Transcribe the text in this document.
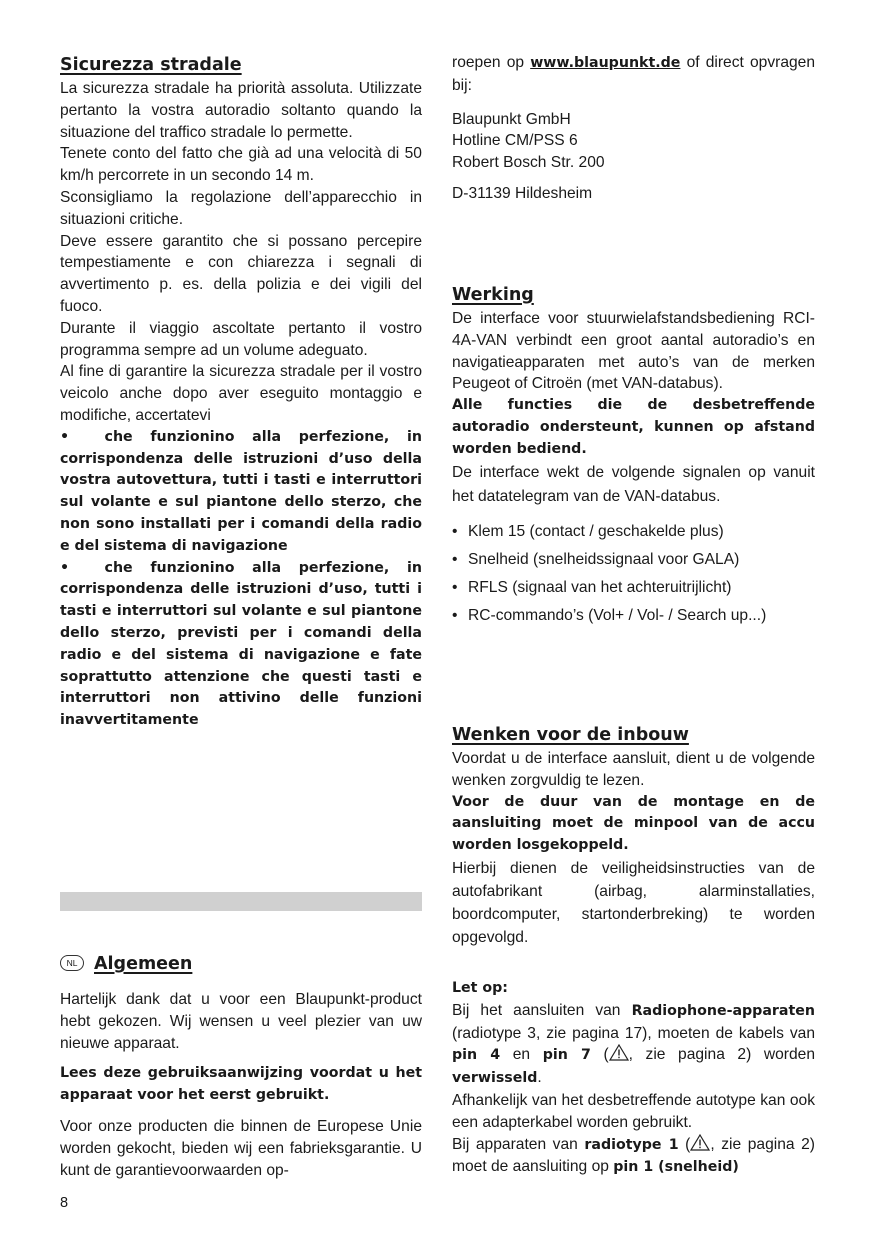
Sicurezza stradale

La sicurezza stradale ha priorità assoluta. Utilizzate pertanto la vostra autoradio soltanto quando la situazione del traffico stradale lo permette.

Tenete conto del fatto che già ad una velocità di 50 km/h percorrete in un secondo 14 m.

Sconsigliamo la regolazione dell’apparecchio in situazioni critiche.

Deve essere garantito che si possano percepire tempestiamente e con chiarezza i segnali di avvertimento p. es. della polizia e dei vigili del fuoco.

Durante il viaggio ascoltate pertanto il vostro programma sempre ad un volume adeguato.

Al fine di garantire la sicurezza stradale per il vostro veicolo anche dopo aver eseguito montaggio e modifiche, accertatevi

• che funzionino alla perfezione, in corrispondenza delle istruzioni d’uso della vostra autovettura, tutti i tasti e interruttori sul volante e sul piantone dello sterzo, che non sono installati per i comandi della radio e del sistema di navigazione

• che funzionino alla perfezione, in corrispondenza delle istruzioni d’uso, tutti i tasti e interruttori sul volante e sul piantone dello sterzo, previsti per i comandi della radio e del sistema di navigazione e fate soprattutto attenzione che questi tasti e interruttori non attivino delle funzioni inavvertitamente

NL Algemeen

Hartelijk dank dat u voor een Blaupunkt-product hebt gekozen. Wij wensen u veel plezier van uw nieuwe apparaat.

Lees deze gebruiksaanwijzing voordat u het apparaat voor het eerst gebruikt.

Voor onze producten die binnen de Europese Unie worden gekocht, bieden wij een fabrieksgarantie. U kunt de garantievoorwaarden op-

8

roepen op www.blaupunkt.de of direct opvragen bij:

Blaupunkt GmbH

Hotline CM/PSS 6

Robert Bosch Str. 200

D-31139 Hildesheim

Werking

De interface voor stuurwielafstandsbediening RCI-4A-VAN verbindt een groot aantal autoradio’s en navigatieapparaten met auto’s van de merken Peugeot of Citroën (met VAN-databus).

Alle functies die de desbetreffende autoradio ondersteunt, kunnen op afstand worden bediend.

De interface wekt de volgende signalen op vanuit het datatelegram van de VAN-databus.

• Klem 15 (contact / geschakelde plus)
• Snelheid (snelheidssignaal voor GALA)
• RFLS (signaal van het achteruitrijlicht)
• RC-commando’s (Vol+ / Vol- / Search up...)
Wenken voor de inbouw

Voordat u de interface aansluit, dient u de volgende wenken zorgvuldig te lezen.

Voor de duur van de montage en de aansluiting moet de minpool van de accu worden losgekoppeld.

Hierbij dienen de veiligheidsinstructies van de autofabrikant (airbag, alarminstallaties, boordcomputer, startonderbreking) te worden opgevolgd.

Let op:

Bij het aansluiten van Radiophone-apparaten (radiotype 3, zie pagina 17), moeten de kabels van pin 4 en pin 7 ( , zie pagina 2) worden verwisseld.

Afhankelijk van het desbetreffende autotype kan ook een adapterkabel worden gebruikt.

Bij apparaten van radiotype 1 ( , zie pagina 2) moet de aansluiting op pin 1 (snelheid)
